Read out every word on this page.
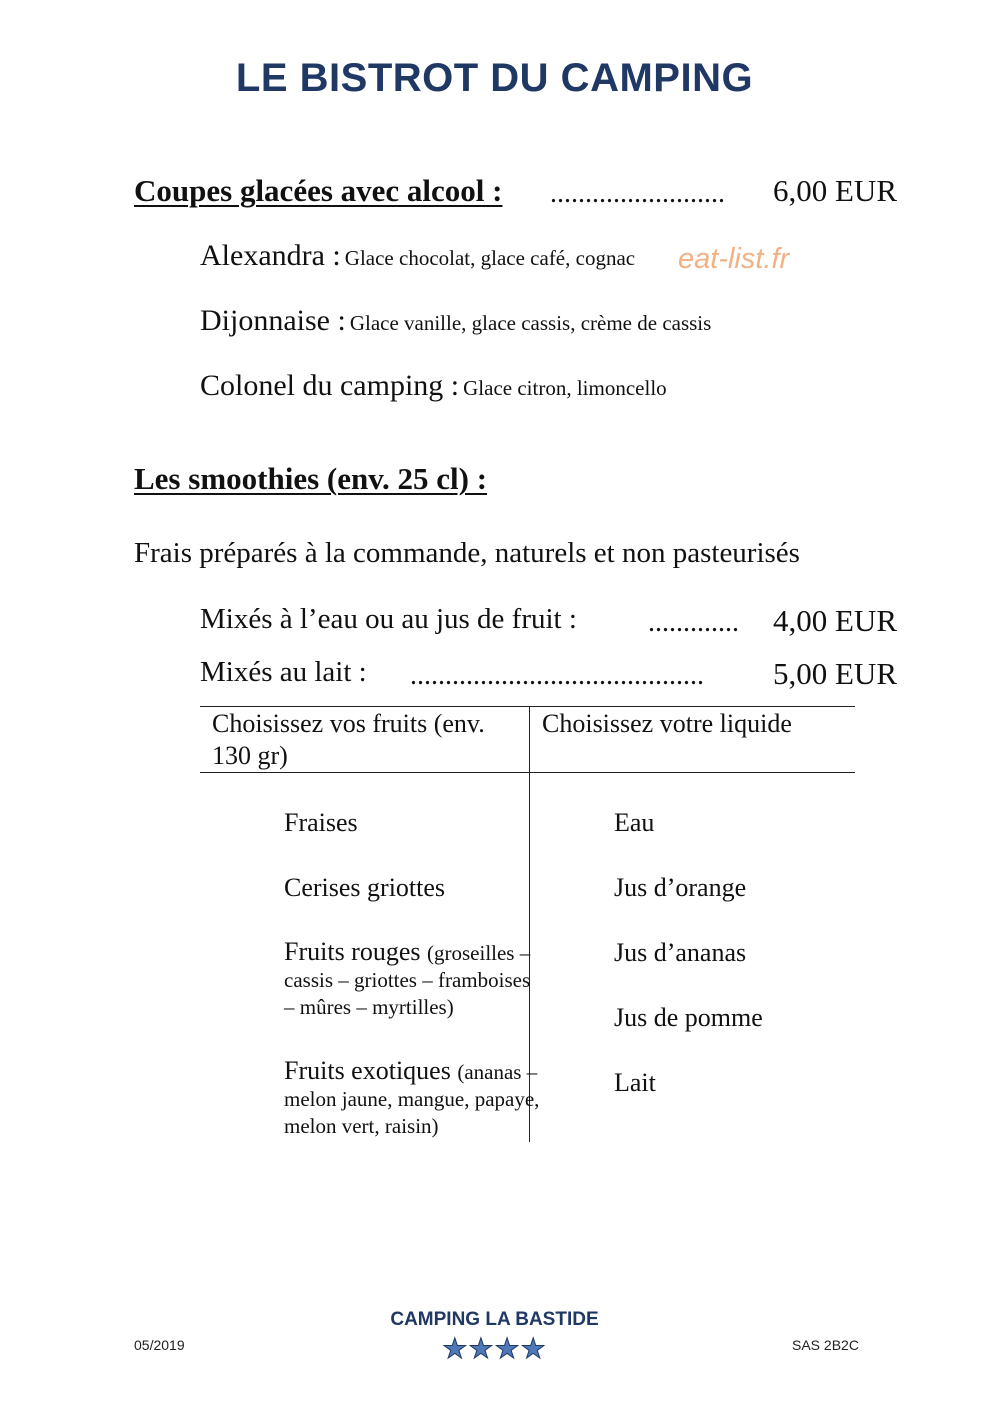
LE BISTROT DU CAMPING
Coupes glacées avec alcool : ......................... 6,00 EUR
Alexandra : Glace chocolat, glace café, cognac eat-list.fr
Dijonnaise : Glace vanille, glace cassis, crème de cassis
Colonel du camping : Glace citron, limoncello
Les smoothies (env. 25 cl) :
Frais préparés à la commande, naturels et non pasteurisés
Mixés à l’eau ou au jus de fruit :	............. 4,00 EUR
Mixés au lait : .......................................... 5,00 EUR
Choisissez vos fruits (env. 130 gr)
Choisissez votre liquide
Fraises
Cerises griottes
Fruits rouges (groseilles –
cassis – griottes – framboises – mûres – myrtilles)
Fruits exotiques (ananas –
melon jaune, mangue, papaye, melon vert, raisin)
Eau
Jus d’orange
Jus d’ananas
Jus de pomme
Lait
05/2019
CAMPING LA BASTIDE
★★★★	SAS 2B2C
